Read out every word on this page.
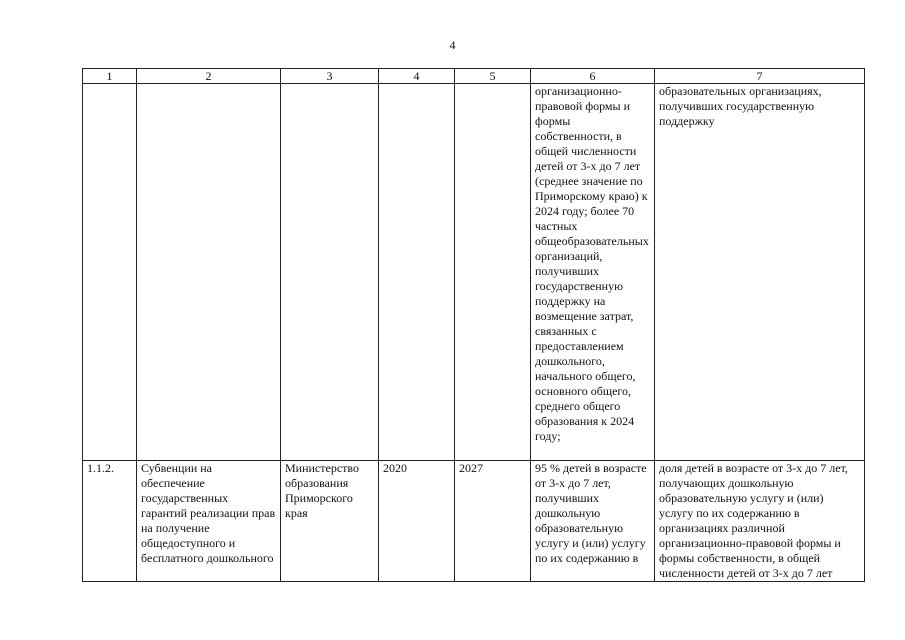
4
1	2	3	4	5	6	7
					организационно-правовой формы и формы собственности, в общей численности детей от 3-х до 7 лет (среднее значение по Приморскому краю) к 2024 году; более 70 частных общеобразовательных организаций, получивших государственную поддержку на возмещение затрат, связанных с предоставлением дошкольного, начального общего, основного общего, среднего общего образования к 2024 году;	образовательных организациях, получивших государственную поддержку
1.1.2.	Субвенции на обеспечение государственных гарантий реализации прав на получение общедоступного и бесплатного дошкольного	Министерство образования Приморского края	2020	2027	95 % детей в возрасте от 3-х до 7 лет, получивших дошкольную образовательную услугу и (или) услугу по их содержанию в	доля детей в возрасте от 3-х до 7 лет, получающих дошкольную образовательную услугу и (или) услугу по их содержанию в организациях различной организационно-правовой формы и формы собственности, в общей численности детей от 3-х до 7 лет
